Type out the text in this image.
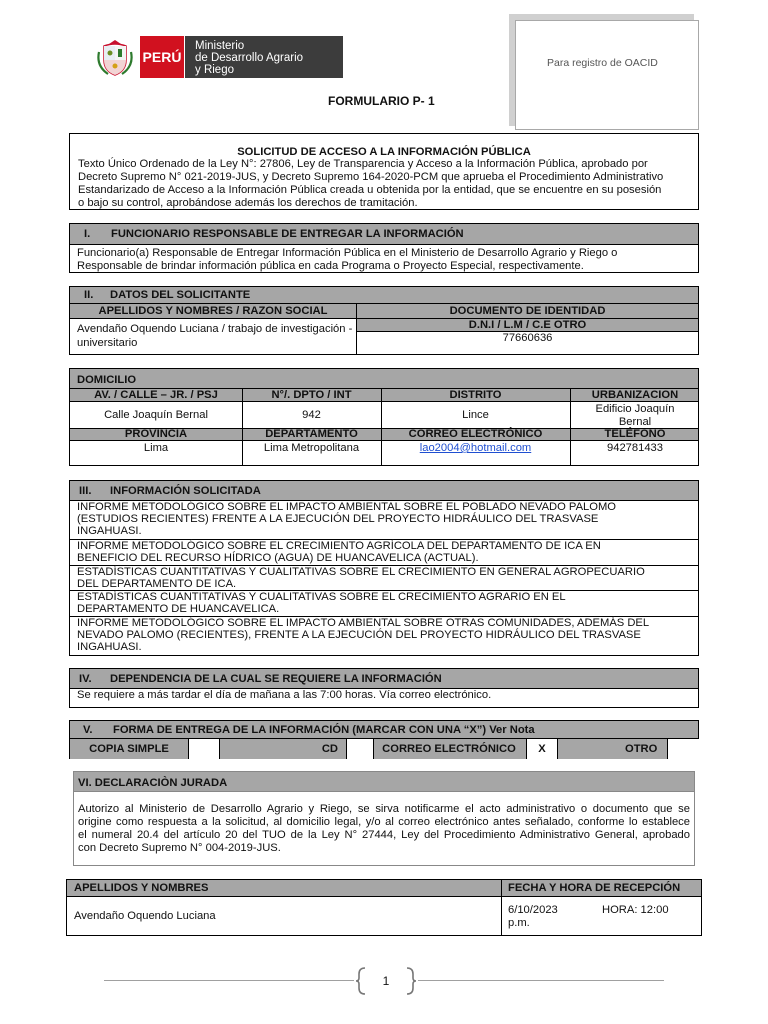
PERÚ
Ministerio
de Desarrollo Agrario
y Riego
Para registro de OACID
FORMULARIO P- 1
SOLICITUD DE ACCESO A LA INFORMACIÓN PÚBLICA
Texto Único Ordenado de la Ley N°: 27806, Ley de Transparencia y Acceso a la Información Pública, aprobado por
Decreto Supremo N° 021-2019-JUS, y Decreto Supremo 164-2020-PCM que aprueba el Procedimiento Administrativo
Estandarizado de Acceso a la Información Pública creada u obtenida por la entidad, que se encuentre en su posesión
o bajo su control, aprobándose además los derechos de tramitación.
I. FUNCIONARIO RESPONSABLE DE ENTREGAR LA INFORMACIÓN
Funcionario(a) Responsable de Entregar Información Pública en el Ministerio de Desarrollo Agrario y Riego o
Responsable de brindar información pública en cada Programa o Proyecto Especial, respectivamente.
II. DATOS DEL SOLICITANTE
APELLIDOS Y NOMBRES / RAZON SOCIAL	DOCUMENTO DE IDENTIDAD
D.N.I / L.M / C.E OTRO
Avendaño Oquendo Luciana / trabajo de investigación -
universitario	77660636
DOMICILIO
AV. / CALLE – JR. / PSJ	N°/. DPTO / INT	DISTRITO	URBANIZACION
Calle Joaquín Bernal	942	Lince	Edificio Joaquín
Bernal
PROVINCIA	DEPARTAMENTO	CORREO ELECTRÓNICO	TELÉFONO
Lima	Lima Metropolitana	lao2004@hotmail.com	942781433
III. INFORMACIÓN SOLICITADA
INFORME METODOLÓGICO SOBRE EL IMPACTO AMBIENTAL SOBRE EL POBLADO NEVADO PALOMO
(ESTUDIOS RECIENTES) FRENTE A LA EJECUCIÓN DEL PROYECTO HIDRÁULICO DEL TRASVASE
INGAHUASI.
INFORME METODOLÓGICO SOBRE EL CRECIMIENTO AGRÍCOLA DEL DEPARTAMENTO DE ICA EN
BENEFICIO DEL RECURSO HÍDRICO (AGUA) DE HUANCAVELICA (ACTUAL).
ESTADÍSTICAS CUANTITATIVAS Y CUALITATIVAS SOBRE EL CRECIMIENTO EN GENERAL AGROPECUARIO
DEL DEPARTAMENTO DE ICA.
ESTADÍSTICAS CUANTITATIVAS Y CUALITATIVAS SOBRE EL CRECIMIENTO AGRARIO EN EL
DEPARTAMENTO DE HUANCAVELICA.
INFORME METODOLÓGICO SOBRE EL IMPACTO AMBIENTAL SOBRE OTRAS COMUNIDADES, ADEMÁS DEL
NEVADO PALOMO (RECIENTES), FRENTE A LA EJECUCIÓN DEL PROYECTO HIDRÁULICO DEL TRASVASE
INGAHUASI.
IV. DEPENDENCIA DE LA CUAL SE REQUIERE LA INFORMACIÓN
Se requiere a más tardar el día de mañana a las 7:00 horas. Vía correo electrónico.
V. FORMA DE ENTREGA DE LA INFORMACIÓN (MARCAR CON UNA “X”) Ver Nota
COPIA SIMPLE	CD	CORREO ELECTRÓNICO	X	OTRO
VI. DECLARACIÒN JURADA
Autorizo al Ministerio de Desarrollo Agrario y Riego, se sirva notificarme el acto administrativo o documento que se
origine como respuesta a la solicitud, al domicilio legal, y/o al correo electrónico antes señalado, conforme lo establece
el numeral 20.4 del artículo 20 del TUO de la Ley N° 27444, Ley del Procedimiento Administrativo General, aprobado
con Decreto Supremo N° 004-2019-JUS.
APELLIDOS Y NOMBRES	FECHA Y HORA DE RECEPCIÓN
Avendaño Oquendo Luciana	6/10/2023	HORA: 12:00
p.m.
1
